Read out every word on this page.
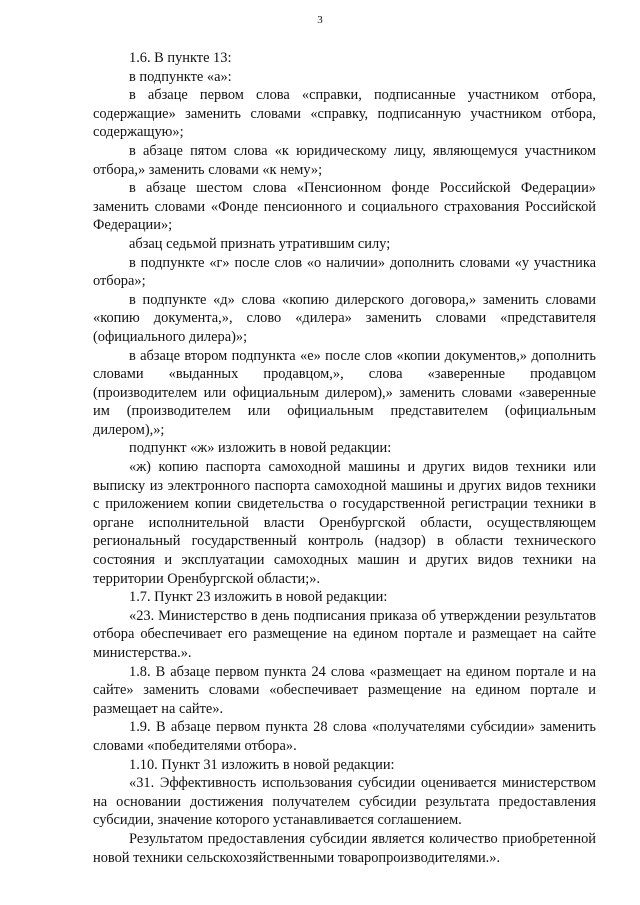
3

1.6. В пункте 13:

в подпункте «а»:

в абзаце первом слова «справки, подписанные участником отбора, содержащие» заменить словами «справку, подписанную участником отбора, содержащую»;

в абзаце пятом слова «к юридическому лицу, являющемуся участником отбора,» заменить словами «к нему»;

в абзаце шестом слова «Пенсионном фонде Российской Федерации» заменить словами «Фонде пенсионного и социального страхования Российской Федерации»;

абзац седьмой признать утратившим силу;

в подпункте «г» после слов «о наличии» дополнить словами «у участника отбора»;

в подпункте «д» слова «копию дилерского договора,» заменить словами «копию документа,», слово «дилера» заменить словами «представителя (официального дилера)»;

в абзаце втором подпункта «е» после слов «копии документов,» дополнить словами «выданных продавцом,», слова «заверенные продавцом (производителем или официальным дилером),» заменить словами «заверенные им (производителем или официальным представителем (официальным дилером),»;

подпункт «ж» изложить в новой редакции:

«ж) копию паспорта самоходной машины и других видов техники или выписку из электронного паспорта самоходной машины и других видов техники с приложением копии свидетельства о государственной регистрации техники в органе исполнительной власти Оренбургской области, осуществляющем региональный государственный контроль (надзор) в области технического состояния и эксплуатации самоходных машин и других видов техники на территории Оренбургской области;».

1.7. Пункт 23 изложить в новой редакции:

«23. Министерство в день подписания приказа об утверждении результатов отбора обеспечивает его размещение на едином портале и размещает на сайте министерства.».

1.8. В абзаце первом пункта 24 слова «размещает на едином портале и на сайте» заменить словами «обеспечивает размещение на едином портале и размещает на сайте».

1.9. В абзаце первом пункта 28 слова «получателями субсидии» заменить словами «победителями отбора».

1.10. Пункт 31 изложить в новой редакции:

«31. Эффективность использования субсидии оценивается министерством на основании достижения получателем субсидии результата предоставления субсидии, значение которого устанавливается соглашением.

Результатом предоставления субсидии является количество приобретенной новой техники сельскохозяйственными товаропроизводителями.».
